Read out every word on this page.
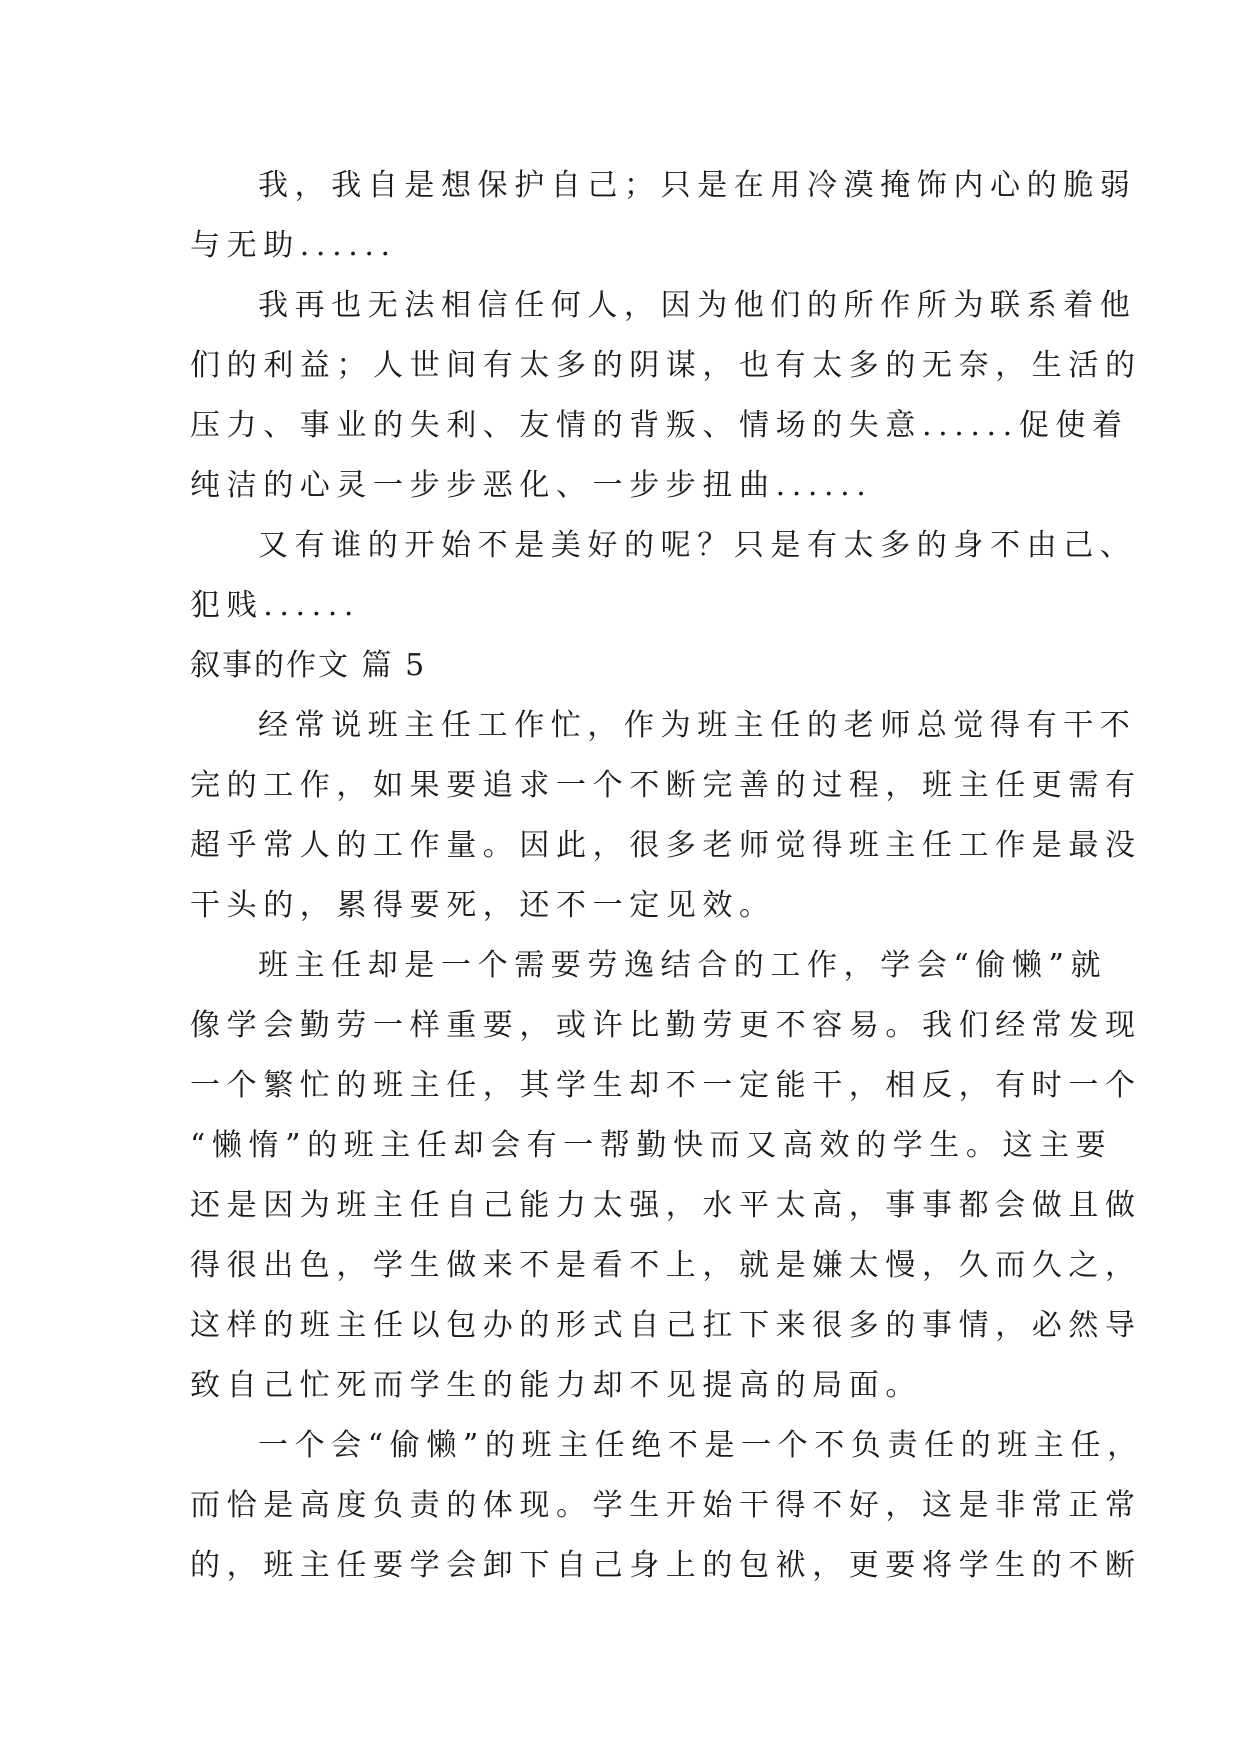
我，我自是想保护自己；只是在用冷漠掩饰内心的脆弱
与无助......
我再也无法相信任何人，因为他们的所作所为联系着他
们的利益；人世间有太多的阴谋，也有太多的无奈，生活的
压力、事业的失利、友情的背叛、情场的失意......促使着
纯洁的心灵一步步恶化、一步步扭曲......
又有谁的开始不是美好的呢？只是有太多的身不由己、
犯贱......
叙事的作文 篇 5
经常说班主任工作忙，作为班主任的老师总觉得有干不
完的工作，如果要追求一个不断完善的过程，班主任更需有
超乎常人的工作量。因此，很多老师觉得班主任工作是最没
干头的，累得要死，还不一定见效。
班主任却是一个需要劳逸结合的工作，学会“偷懒”就
像学会勤劳一样重要，或许比勤劳更不容易。我们经常发现
一个繁忙的班主任，其学生却不一定能干，相反，有时一个
“懒惰”的班主任却会有一帮勤快而又高效的学生。这主要
还是因为班主任自己能力太强，水平太高，事事都会做且做
得很出色，学生做来不是看不上，就是嫌太慢，久而久之，
这样的班主任以包办的形式自己扛下来很多的事情，必然导
致自己忙死而学生的能力却不见提高的局面。
一个会“偷懒”的班主任绝不是一个不负责任的班主任，
而恰是高度负责的体现。学生开始干得不好，这是非常正常
的，班主任要学会卸下自己身上的包袱，更要将学生的不断
